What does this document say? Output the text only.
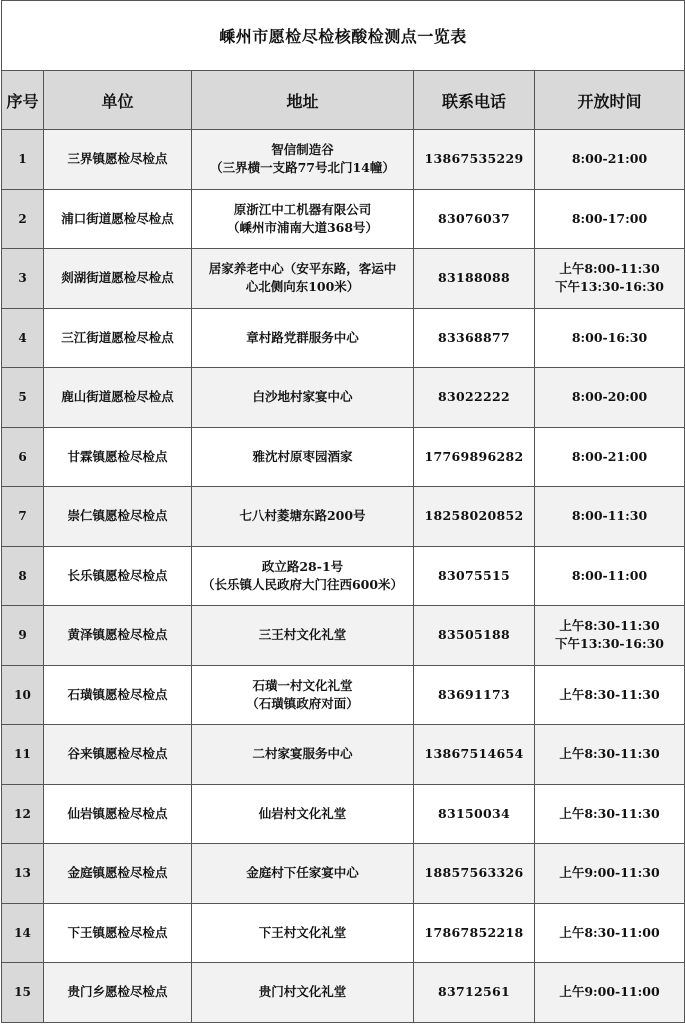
嵊州市愿检尽检核酸检测点一览表				
序号	单位	地址	联系电话	开放时间
1	三界镇愿检尽检点	智信制造谷
（三界横一支路77号北门14幢）	13867535229	8:00-21:00

2	浦口街道愿检尽检点	原浙江中工机器有限公司
（嵊州市浦南大道368号）	83076037	8:00-17:00

3	剡湖街道愿检尽检点	居家养老中心（安平东路，客运中
心北侧向东100米）	83188088	上午8:00-11:30
下午13:30-16:30

4	三江街道愿检尽检点	章村路党群服务中心	83368877	8:00-16:30

5	鹿山街道愿检尽检点	白沙地村家宴中心	83022222	8:00-20:00

6	甘霖镇愿检尽检点	雅沈村原枣园酒家	17769896282	8:00-21:00

7	崇仁镇愿检尽检点	七八村菱塘东路200号	18258020852	8:00-11:30

8	长乐镇愿检尽检点	政立路28-1号
（长乐镇人民政府大门往西600米）	83075515	8:00-11:00

9	黄泽镇愿检尽检点	三王村文化礼堂	83505188	上午8:30-11:30
下午13:30-16:30

10	石璜镇愿检尽检点	石璜一村文化礼堂
（石璜镇政府对面）	83691173	上午8:30-11:30

11	谷来镇愿检尽检点	二村家宴服务中心	13867514654	上午8:30-11:30

12	仙岩镇愿检尽检点	仙岩村文化礼堂	83150034	上午8:30-11:30

13	金庭镇愿检尽检点	金庭村下任家宴中心	18857563326	上午9:00-11:30

14	下王镇愿检尽检点	下王村文化礼堂	17867852218	上午8:30-11:00

15	贵门乡愿检尽检点	贵门村文化礼堂	83712561	上午9:00-11:00
